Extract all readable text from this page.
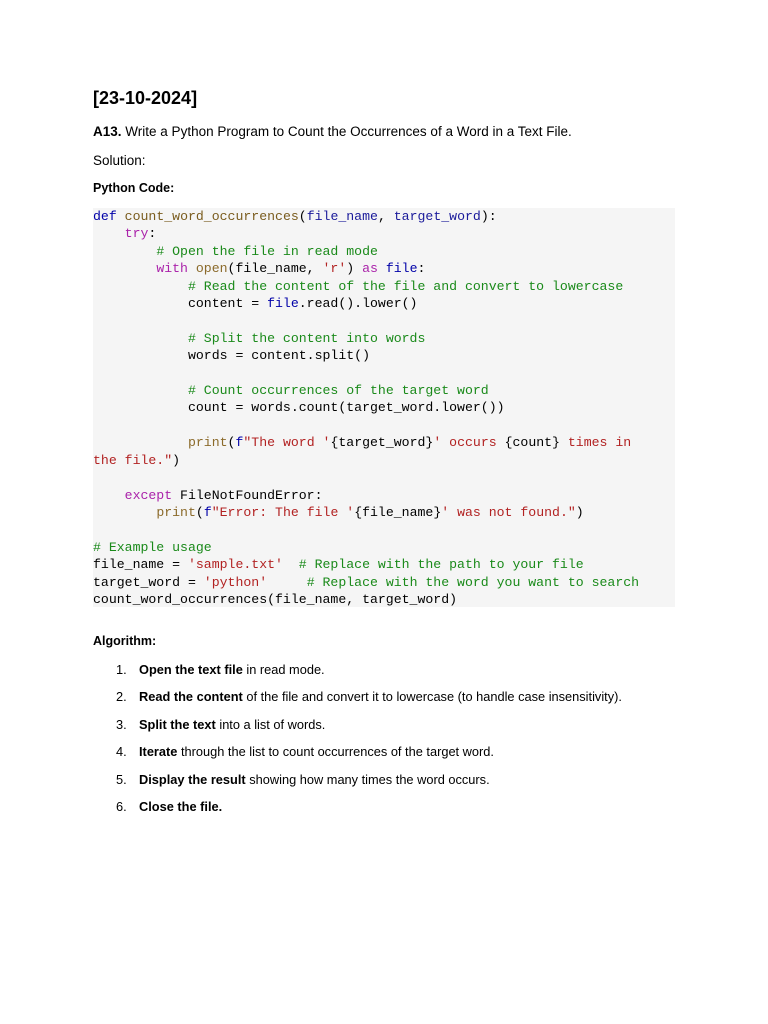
[23-10-2024]
A13. Write a Python Program to Count the Occurrences of a Word in a Text File.
Solution:
Python Code:
def count_word_occurrences(file_name, target_word):
try:
# Open the file in read mode
with open(file_name, 'r') as file:
# Read the content of the file and convert to lowercase
content = file.read().lower()

# Split the content into words
words = content.split()

# Count occurrences of the target word
count = words.count(target_word.lower())

print(f"The word '{target_word}' occurs {count} times in
the file.")

except FileNotFoundError:
print(f"Error: The file '{file_name}' was not found.")

# Example usage
file_name = 'sample.txt' # Replace with the path to your file
target_word = 'python'	# Replace with the word you want to search
count_word_occurrences(file_name, target_word)
Algorithm:
1. Open the text file in read mode.
2. Read the content of the file and convert it to lowercase (to handle case insensitivity).
3. Split the text into a list of words.
4. Iterate through the list to count occurrences of the target word.
5. Display the result showing how many times the word occurs.
6. Close the file.
